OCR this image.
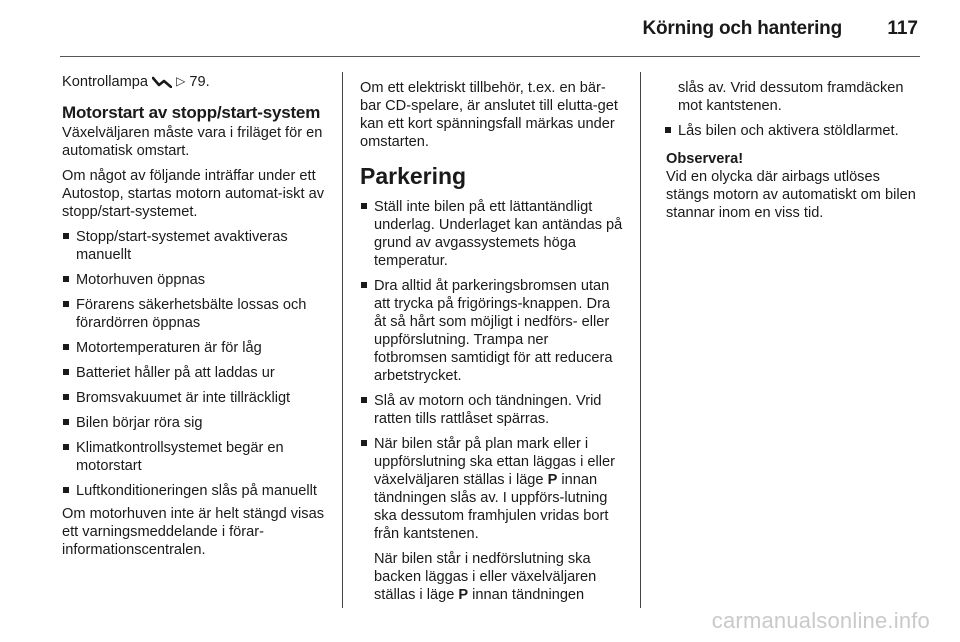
Körning och hantering 117

Kontrollampa ▷ 79.

Motorstart av stopp/start-system

Växelväljaren måste vara i friläget för en automatisk omstart.

Om något av följande inträffar under ett Autostop, startas motorn automat-iskt av stopp/start-systemet.

Stopp/start-systemet avaktiveras manuellt
Motorhuven öppnas
Förarens säkerhetsbälte lossas och förardörren öppnas
Motortemperaturen är för låg
Batteriet håller på att laddas ur
Bromsvakuumet är inte tillräckligt
Bilen börjar röra sig
Klimatkontrollsystemet begär en motorstart
Luftkonditioneringen slås på manuellt

Om motorhuven inte är helt stängd visas ett varningsmeddelande i förar-informationscentralen.

Om ett elektriskt tillbehör, t.ex. en bär-bar CD-spelare, är anslutet till elutta-get kan ett kort spänningsfall märkas under omstarten.

Parkering
Ställ inte bilen på ett lättantändligt underlag. Underlaget kan antändas på grund av avgassystemets höga temperatur.
Dra alltid åt parkeringsbromsen utan att trycka på frigörings-knappen. Dra åt så hårt som möjligt i nedförs- eller uppförslutning. Trampa ner fotbromsen samtidigt för att reducera arbetstrycket.
Slå av motorn och tändningen. Vrid ratten tills rattlåset spärras.
När bilen står på plan mark eller i uppförslutning ska ettan läggas i eller växelväljaren ställas i läge P innan tändningen slås av. I uppförs-lutning ska dessutom framhjulen vridas bort från kantstenen.

När bilen står i nedförslutning ska backen läggas i eller växelväljaren ställas i läge P innan tändningen

slås av. Vrid dessutom framdäcken mot kantstenen.

Lås bilen och aktivera stöldlarmet.
Observera!

Vid en olycka där airbags utlöses stängs motorn av automatiskt om bilen stannar inom en viss tid.

carmanualsonline.info
